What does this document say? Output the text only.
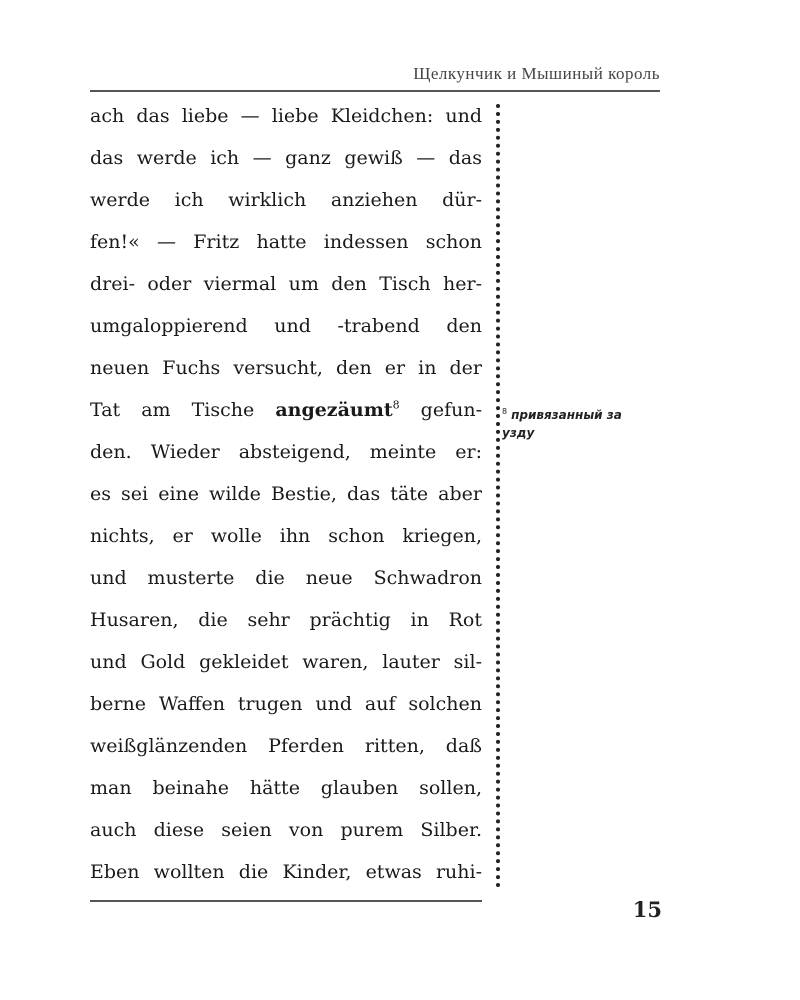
Щелкунчик и Мышиный король
ach das liebe — liebe Kleidchen: und
das werde ich — ganz gewiß — das
werde ich wirklich anziehen dür-
fen!« — Fritz hatte indessen schon
drei- oder viermal um den Tisch her-
umgaloppierend und -trabend den
neuen Fuchs versucht, den er in der
Tat am Tische angezäumt$^8$ gefun-
den. Wieder absteigend, meinte er:
es sei eine wilde Bestie, das täte aber
nichts, er wolle ihn schon kriegen,
und musterte die neue Schwadron
Husaren, die sehr prächtig in Rot
und Gold gekleidet waren, lauter sil-
berne Waffen trugen und auf solchen
weißglänzenden Pferden ritten, daß
man beinahe hätte glauben sollen,
auch diese seien von purem Silber.
Eben wollten die Kinder, etwas ruhi-
$^8$ привязанный за узду
15
